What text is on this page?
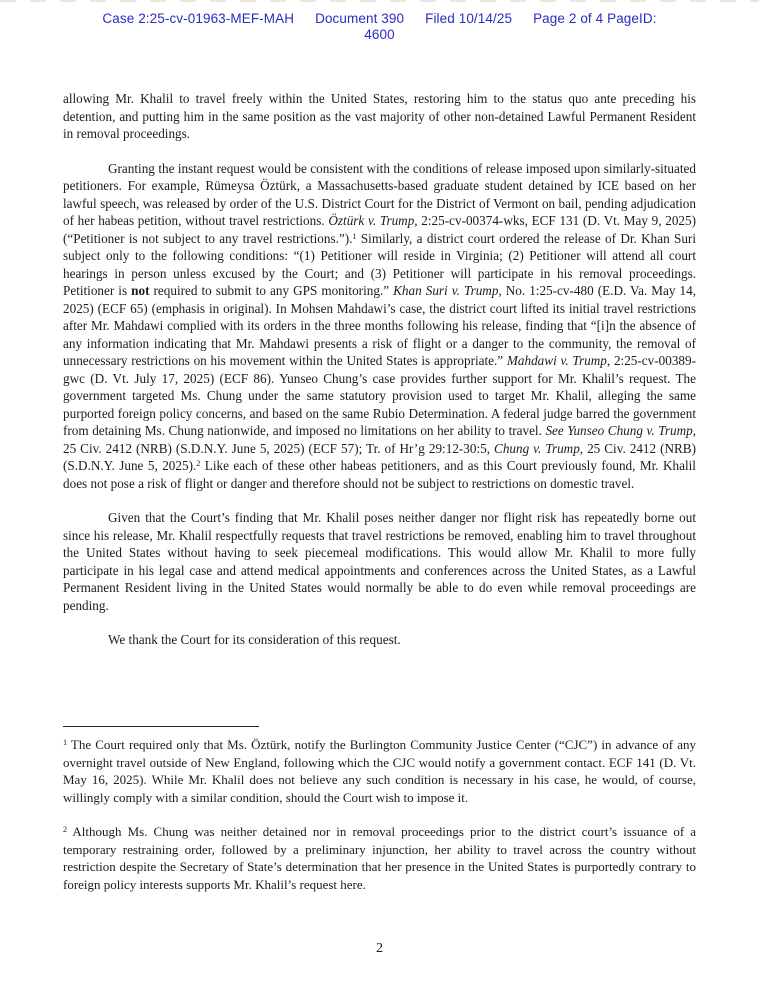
Case 2:25-cv-01963-MEF-MAH Document 390 Filed 10/14/25 Page 2 of 4 PageID:
4600

allowing Mr. Khalil to travel freely within the United States, restoring him to the status quo ante preceding his detention, and putting him in the same position as the vast majority of other non-detained Lawful Permanent Resident in removal proceedings.

Granting the instant request would be consistent with the conditions of release imposed upon similarly-situated petitioners. For example, Rümeysa Öztürk, a Massachusetts-based graduate student detained by ICE based on her lawful speech, was released by order of the U.S. District Court for the District of Vermont on bail, pending adjudication of her habeas petition, without travel restrictions. Öztürk v. Trump, 2:25-cv-00374-wks, ECF 131 (D. Vt. May 9, 2025) (“Petitioner is not subject to any travel restrictions.”).$^1$ Similarly, a district court ordered the release of Dr. Khan Suri subject only to the following conditions: “(1) Petitioner will reside in Virginia; (2) Petitioner will attend all court hearings in person unless excused by the Court; and (3) Petitioner will participate in his removal proceedings. Petitioner is not required to submit to any GPS monitoring.” Khan Suri v. Trump, No. 1:25-cv-480 (E.D. Va. May 14, 2025) (ECF 65) (emphasis in original). In Mohsen Mahdawi’s case, the district court lifted its initial travel restrictions after Mr. Mahdawi complied with its orders in the three months following his release, finding that “[i]n the absence of any information indicating that Mr. Mahdawi presents a risk of flight or a danger to the community, the removal of unnecessary restrictions on his movement within the United States is appropriate.” Mahdawi v. Trump, 2:25-cv-00389-gwc (D. Vt. July 17, 2025) (ECF 86). Yunseo Chung’s case provides further support for Mr. Khalil’s request. The government targeted Ms. Chung under the same statutory provision used to target Mr. Khalil, alleging the same purported foreign policy concerns, and based on the same Rubio Determination. A federal judge barred the government from detaining Ms. Chung nationwide, and imposed no limitations on her ability to travel. See Yunseo Chung v. Trump, 25 Civ. 2412 (NRB) (S.D.N.Y. June 5, 2025) (ECF 57); Tr. of Hr’g 29:12-30:5, Chung v. Trump, 25 Civ. 2412 (NRB) (S.D.N.Y. June 5, 2025).$^2$ Like each of these other habeas petitioners, and as this Court previously found, Mr. Khalil does not pose a risk of flight or danger and therefore should not be subject to restrictions on domestic travel.

Given that the Court’s finding that Mr. Khalil poses neither danger nor flight risk has repeatedly borne out since his release, Mr. Khalil respectfully requests that travel restrictions be removed, enabling him to travel throughout the United States without having to seek piecemeal modifications. This would allow Mr. Khalil to more fully participate in his legal case and attend medical appointments and conferences across the United States, as a Lawful Permanent Resident living in the United States would normally be able to do even while removal proceedings are pending.

We thank the Court for its consideration of this request.

$^1$ The Court required only that Ms. Öztürk, notify the Burlington Community Justice Center (“CJC”) in advance of any overnight travel outside of New England, following which the CJC would notify a government contact. ECF 141 (D. Vt. May 16, 2025). While Mr. Khalil does not believe any such condition is necessary in his case, he would, of course, willingly comply with a similar condition, should the Court wish to impose it.
$^2$ Although Ms. Chung was neither detained nor in removal proceedings prior to the district court’s issuance of a temporary restraining order, followed by a preliminary injunction, her ability to travel across the country without restriction despite the Secretary of State’s determination that her presence in the United States is purportedly contrary to foreign policy interests supports Mr. Khalil’s request here.
2
